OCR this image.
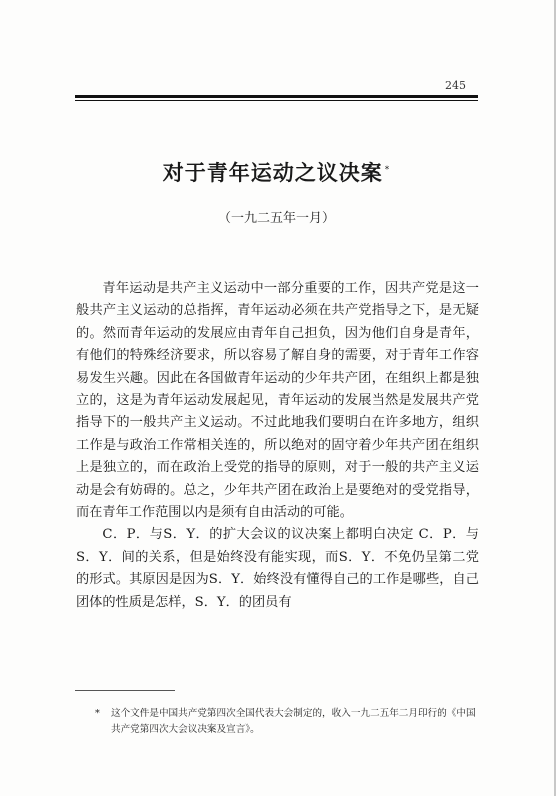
245
对于青年运动之议决案 *
（一九二五年一月）

青年运动是共产主义运动中一部分重要的工作，因共产党是这一般共产主义运动的总指挥，青年运动必须在共产党指导之下，是无疑的。然而青年运动的发展应由青年自己担负，因为他们自身是青年，有他们的特殊经济要求，所以容易了解自身的需要，对于青年工作容易发生兴趣。因此在各国做青年运动的少年共产团，在组织上都是独立的，这是为青年运动发展起见，青年运动的发展当然是发展共产党指导下的一般共产主义运动。不过此地我们要明白在许多地方，组织工作是与政治工作常相关连的，所以绝对的固守着少年共产团在组织上是独立的，而在政治上受党的指导的原则，对于一般的共产主义运动是会有妨碍的。总之，少年共产团在政治上是要绝对的受党指导，而在青年工作范围以内是须有自由活动的可能。

C．P．与S．Y．的扩大会议的议决案上都明白决定 C．P．与S．Y．间的关系，但是始终没有能实现，而S．Y．不免仍呈第二党的形式。其原因是因为S．Y．始终没有懂得自己的工作是哪些，自己团体的性质是怎样，S．Y．的团员有

* 这个文件是中国共产党第四次全国代表大会制定的，收入一九二五年二月印行的《中国共产党第四次大会议决案及宣言》。
